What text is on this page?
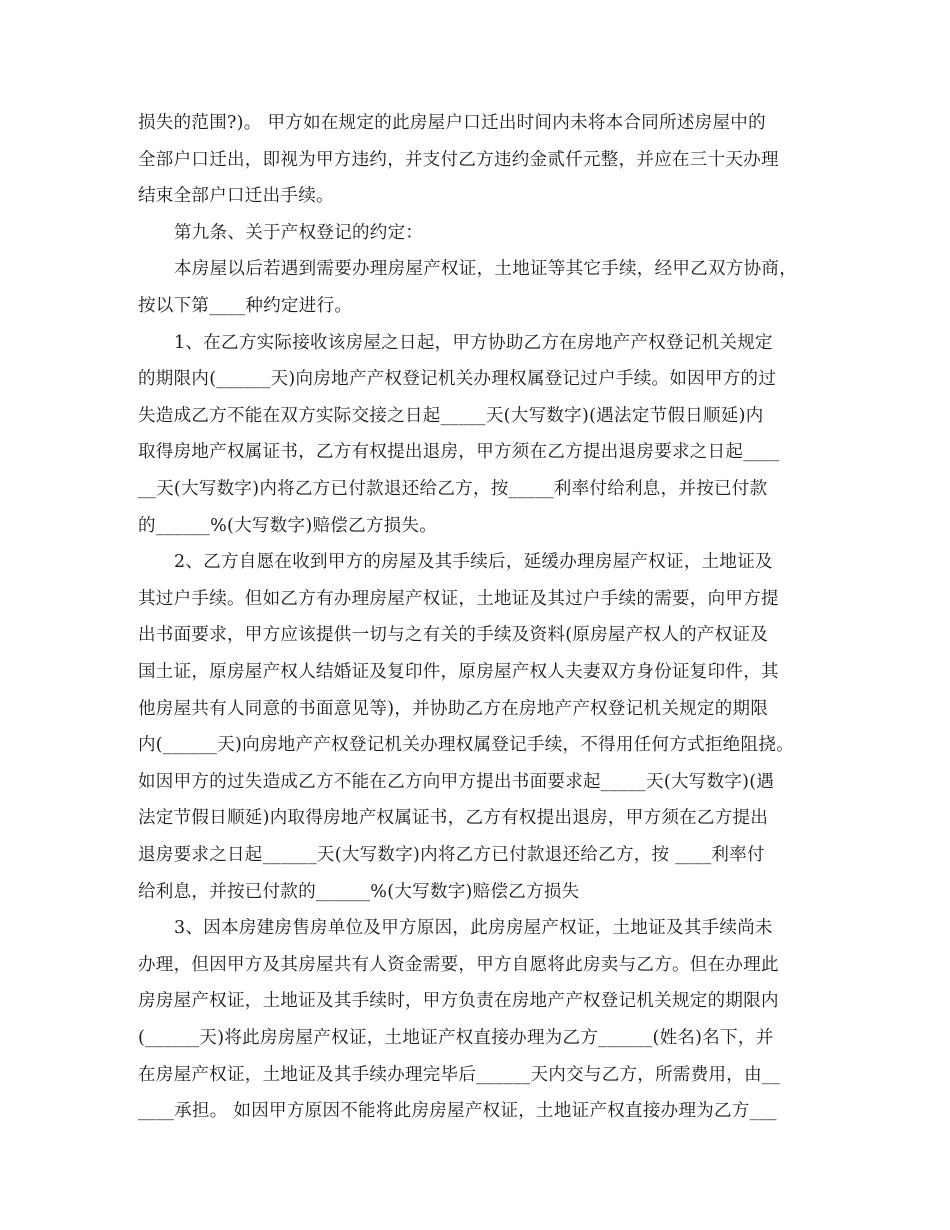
损失的范围?)。 甲方如在规定的此房屋户口迁出时间内未将本合同所述房屋中的
全部户口迁出，即视为甲方违约，并支付乙方违约金贰仟元整，并应在三十天办理
结束全部户口迁出手续。
第九条、关于产权登记的约定：
本房屋以后若遇到需要办理房屋产权证，土地证等其它手续，经甲乙双方协商，
按以下第____种约定进行。
1、在乙方实际接收该房屋之日起，甲方协助乙方在房地产产权登记机关规定
的期限内(______天)向房地产产权登记机关办理权属登记过户手续。如因甲方的过
失造成乙方不能在双方实际交接之日起_____天(大写数字)(遇法定节假日顺延)内
取得房地产权属证书，乙方有权提出退房，甲方须在乙方提出退房要求之日起____
__天(大写数字)内将乙方已付款退还给乙方，按_____利率付给利息，并按已付款
的______%(大写数字)赔偿乙方损失。
2、乙方自愿在收到甲方的房屋及其手续后，延缓办理房屋产权证，土地证及
其过户手续。但如乙方有办理房屋产权证，土地证及其过户手续的需要，向甲方提
出书面要求，甲方应该提供一切与之有关的手续及资料(原房屋产权人的产权证及
国土证，原房屋产权人结婚证及复印件，原房屋产权人夫妻双方身份证复印件，其
他房屋共有人同意的书面意见等)，并协助乙方在房地产产权登记机关规定的期限
内(______天)向房地产产权登记机关办理权属登记手续，不得用任何方式拒绝阻挠。
如因甲方的过失造成乙方不能在乙方向甲方提出书面要求起_____天(大写数字)(遇
法定节假日顺延)内取得房地产权属证书，乙方有权提出退房，甲方须在乙方提出
退房要求之日起______天(大写数字)内将乙方已付款退还给乙方，按 ____利率付
给利息，并按已付款的______%(大写数字)赔偿乙方损失
3、因本房建房售房单位及甲方原因，此房房屋产权证，土地证及其手续尚未
办理，但因甲方及其房屋共有人资金需要，甲方自愿将此房卖与乙方。但在办理此
房房屋产权证，土地证及其手续时，甲方负责在房地产产权登记机关规定的期限内
(______天)将此房房屋产权证，土地证产权直接办理为乙方______(姓名)名下，并
在房屋产权证，土地证及其手续办理完毕后______天内交与乙方，所需费用，由__
____承担。 如因甲方原因不能将此房房屋产权证，土地证产权直接办理为乙方___
